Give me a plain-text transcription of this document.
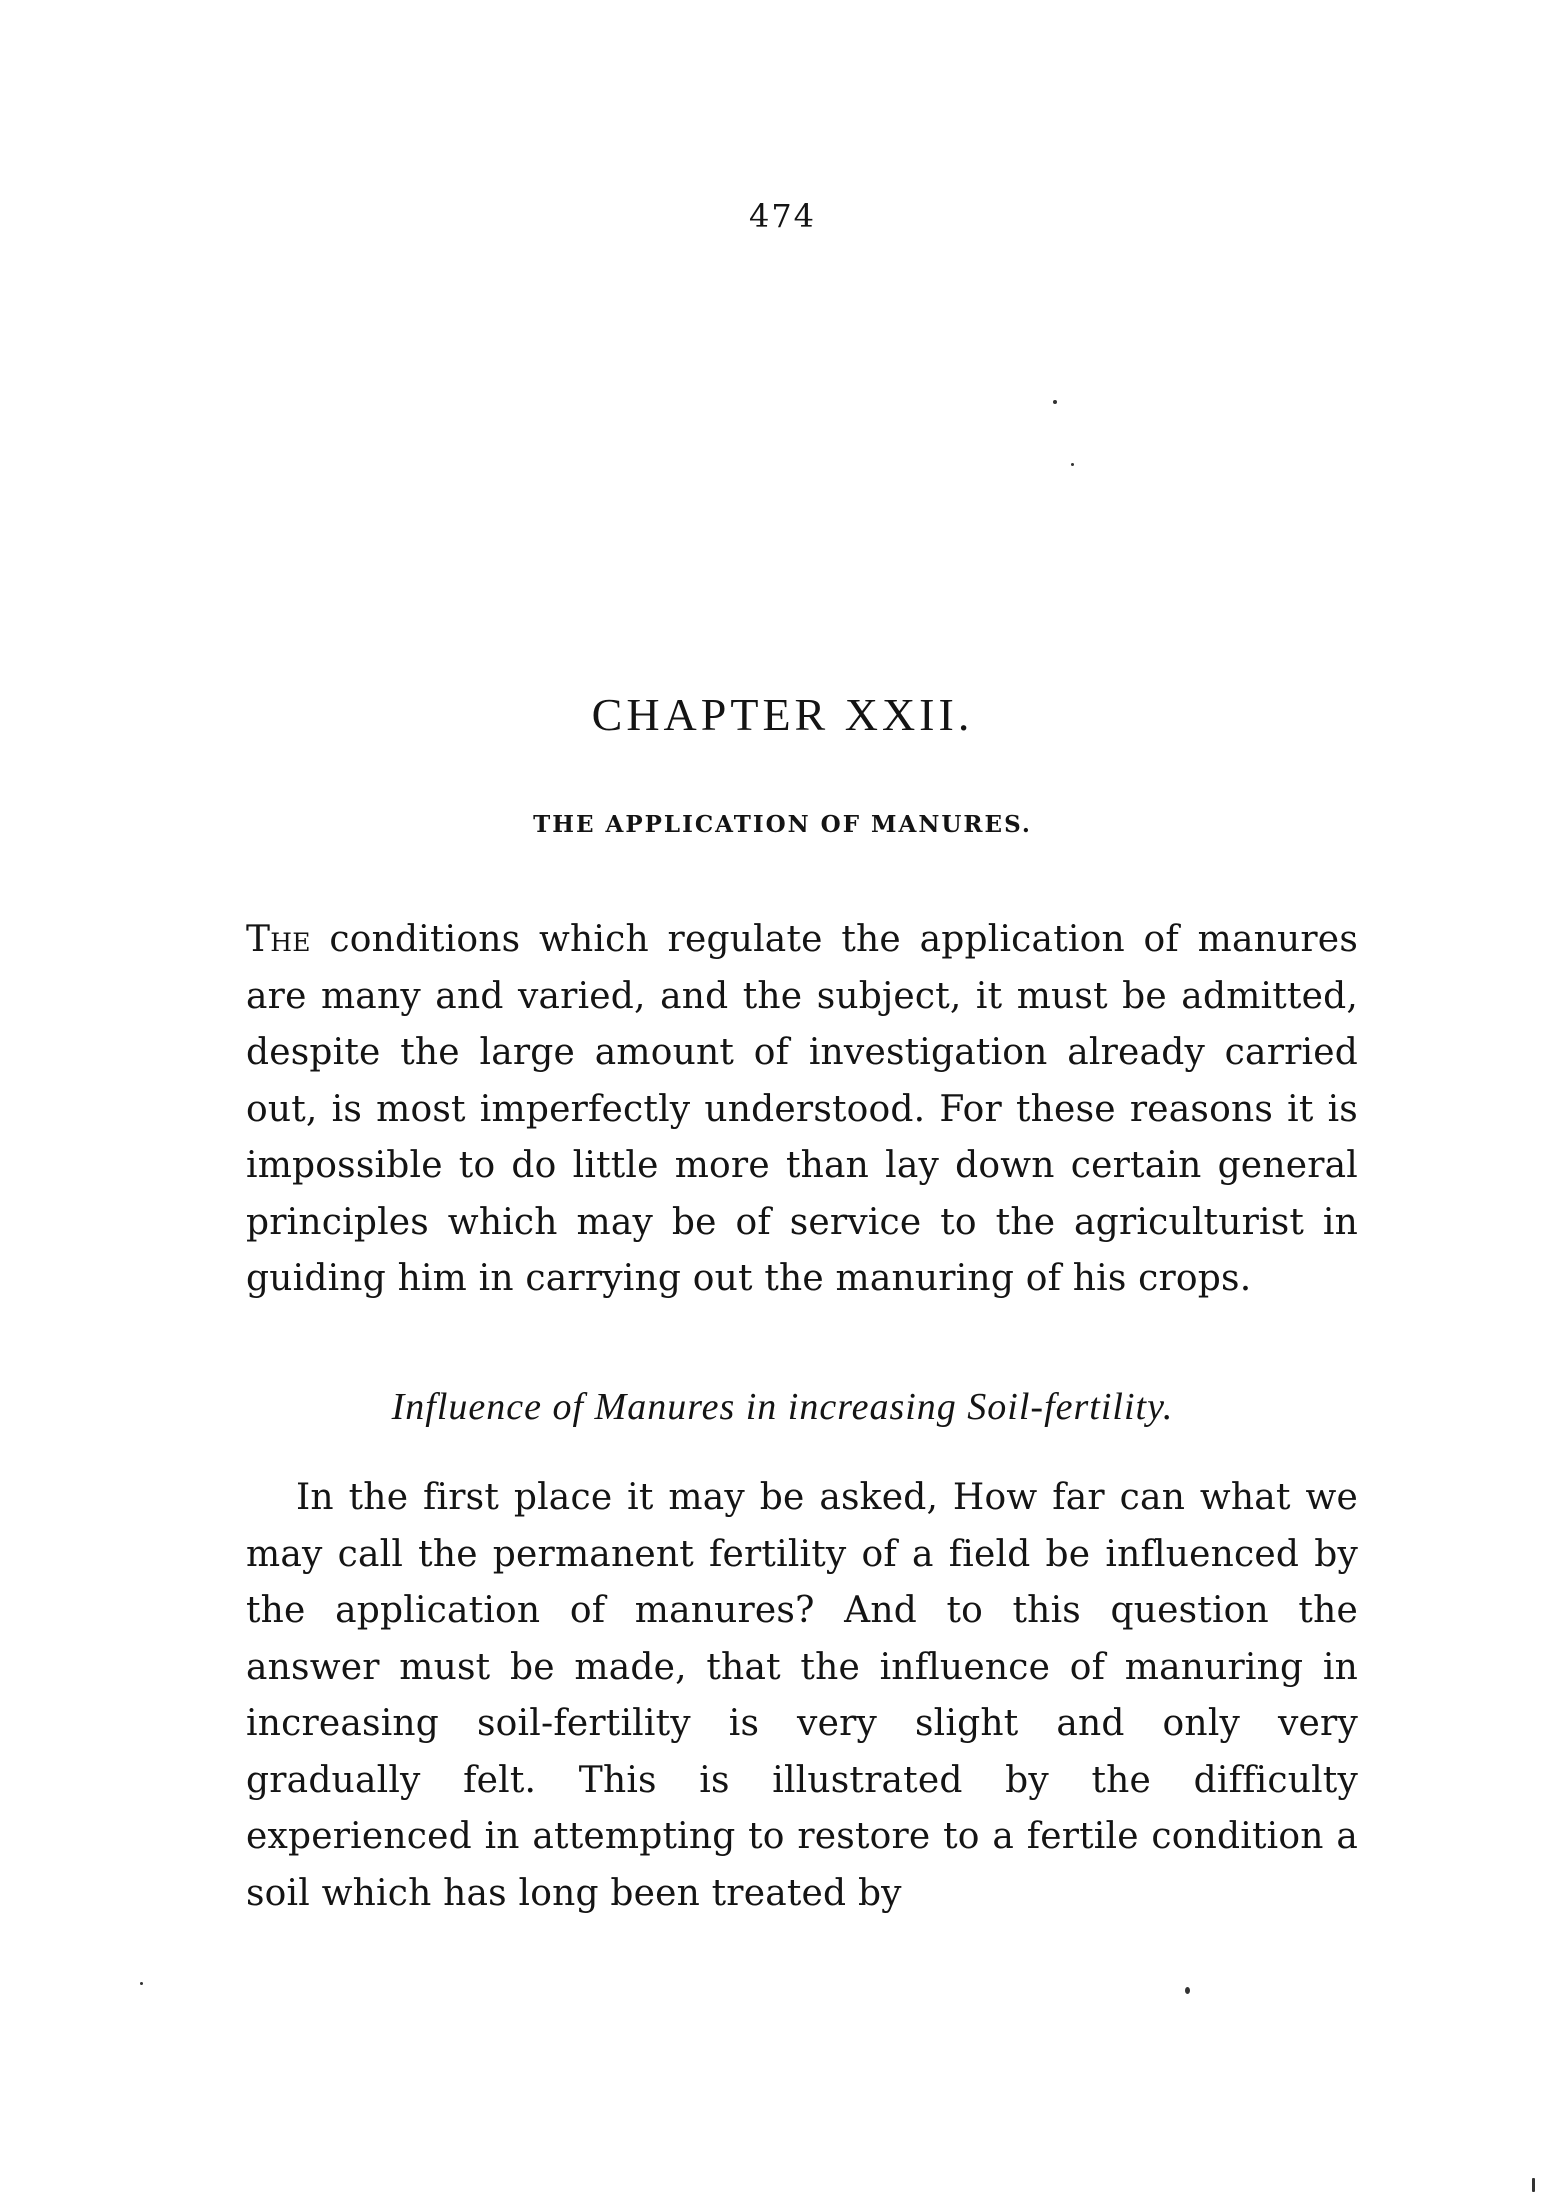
474
CHAPTER XXII.
THE APPLICATION OF MANURES.
The conditions which regulate the application of manures are many and varied, and the subject, it must be admitted, despite the large amount of investigation already carried out, is most imperfectly understood. For these reasons it is impossible to do little more than lay down certain general principles which may be of service to the agriculturist in guiding him in carrying out the manuring of his crops.
Influence of Manures in increasing Soil-fertility.
In the first place it may be asked, How far can what we may call the permanent fertility of a field be influenced by the application of manures? And to this question the answer must be made, that the influence of manuring in increasing soil-fertility is very slight and only very gradually felt. This is illustrated by the difficulty experienced in attempting to restore to a fertile condition a soil which has long been treated by
